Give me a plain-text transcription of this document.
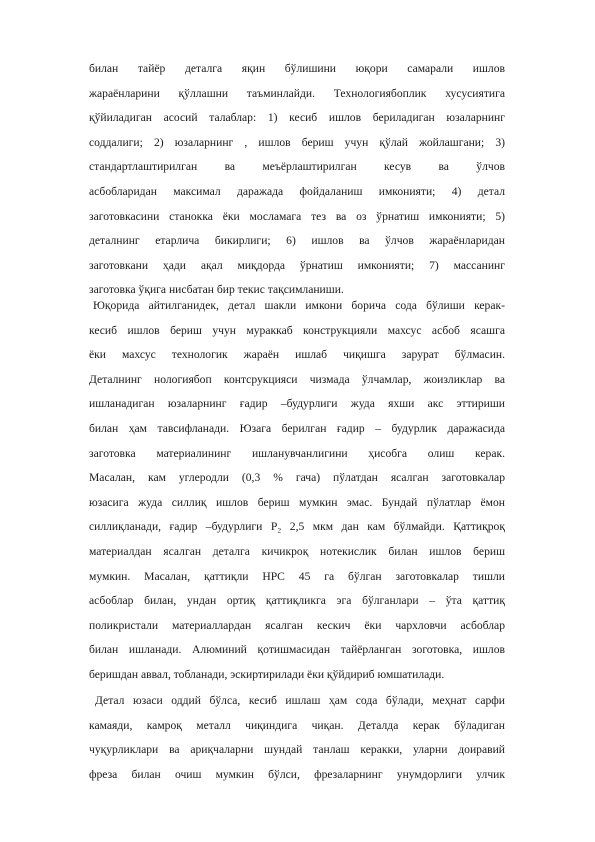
билан тайёр деталга яқин бўлишини юқори самарали ишлов
жараёнларини қўллашни таъминлайди. Технологиябоплик хусусиятига
қўйиладиган асосий талаблар: 1) кесиб ишлов бериладиган юзаларнинг
соддалиги; 2) юзаларнинг , ишлов бериш учун қўлай жойлашгани; 3)
стандартлаштирилган ва меъёрлаштирилган кесув ва ўлчов
асбобларидан максимал даражада фойдаланиш имконияти; 4) детал
заготовкасини станокка ёки мосламага тез ва оз ўрнатиш имконияти; 5)
деталнинг етарлича бикирлиги; 6) ишлов ва ўлчов жараёнларидан
заготовкани ҳади ақал миқдорда ўрнатиш имконияти; 7) массанинг
заготовка ўқига нисбатан бир текис тақсимланиши.
Юқорида айтилганидек, детал шакли имкони борича сода бўлиши керак-
кесиб ишлов бериш учун мураккаб конструкцияли махсус асбоб ясашга
ёки махсус технологик жараён ишлаб чиқишга зарурат бўлмасин.
Деталнинг нологиябоп контсрукцияси чизмада ўлчамлар, жоизликлар ва
ишланадиган юзаларнинг ғадир –будурлиги жуда яхши акс эттириши
билан ҳам тавсифланади. Юзага берилган ғадир – будурлик даражасида
заготовка материалининг ишланувчанлигини ҳисобга олиш керак.
Масалан, кам углеродли (0,3 % гача) пўлатдан ясалган заготовкалар
юзасига жуда силлиқ ишлов бериш мумкин эмас. Бундай пўлатлар ёмон
силлиқланади, ғадир –будурлиги P₂ 2,5 мкм дан кам бўлмайди. Қаттиқроқ
материалдан ясалган деталга кичикроқ нотекислик билан ишлов бериш
мумкин. Масалан, қаттиқли HPC 45 га бўлган заготовкалар тишли
асбоблар билан, ундан ортиқ қаттиқликга эга бўлганлари – ўта қаттиқ
поликристали материаллардан ясалган кескич ёки чархловчи асбоблар
билан ишланади. Алюминий қотишмасидан тайёрланган зоготовка, ишлов
беришдан аввал, тобланади, эскиртирилади ёки қўйдириб юмшатилади.
Детал юзаси оддий бўлса, кесиб ишлаш ҳам сода бўлади, меҳнат сарфи
камаяди, камроқ металл чиқиндига чиқан. Деталда керак бўладиган
чуқурликлари ва ариқчаларни шундай танлаш керакки, уларни доиравий
фреза билан очиш мумкин бўлси, фрезаларнинг унумдорлиги улчик
